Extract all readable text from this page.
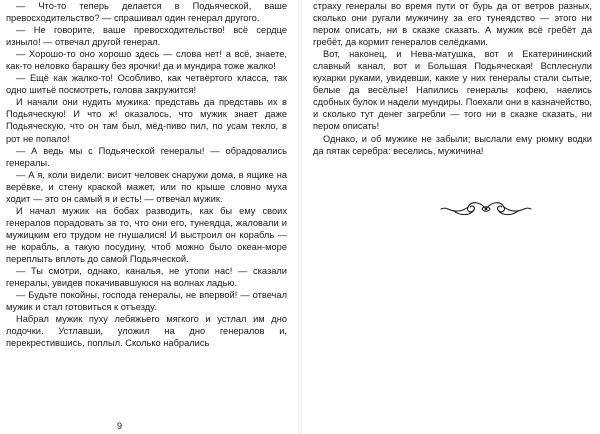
— Что-то теперь делается в Подьяческой, ваше превосходительство? — спрашивал один генерал другого.

— Не говорите, ваше превосходительство! всё сердце изныло! — отвечал другой генерал.

— Хорошо-то оно хорошо здесь — слова нет! а всё, знаете, как-то неловко барашку без ярочки! да и мундира тоже жалко!

— Ещё как жалко-то! Особливо, как четвёртого класса, так одно шитьё посмотреть, голова закружится!

И начали они нудить мужика: представь да представь их в Подьяческую! И что ж! оказалось, что мужик знает даже Подьяческую, что он там был, мёд-пиво пил, по усам текло, в рот не попало!

— А ведь мы с Подьяческой генералы! — обрадовались генералы.

— А я, коли видели: висит человек снаружи дома, в ящике на верёвке, и стену краской мажет, или по крыше словно муха ходит — это он самый я и есть! — отвечал мужик.

И начал мужик на бобах разводить, как бы ему своих генералов порадовать за то, что они его, тунеядца, жаловали и мужицким его трудом не гнушалися! И выстроил он корабль — не корабль, а такую посудину, чтоб можно было океан-море переплыть вплоть до самой Подьяческой.

— Ты смотри, однако, каналья, не утопи нас! — сказали генералы, увидев покачивавшуюся на волнах ладью.

— Будьте покойны, господа генералы, не впервой! — отвечал мужик и стал готовиться к отъезду.

Набрал мужик пуху лебяжьего мягкого и устлал им дно лодочки. Устлавши, уложил на дно генералов и, перекрестившись, поплыл. Сколько набрались

страху генералы во время пути от бурь да от ветров разных, сколько они ругали мужичину за его тунеядство — этого ни пером описать, ни в сказке сказать. А мужик всё гребёт да гребёт, да кормит генералов селёдками.

Вот, наконец, и Нева-матушка, вот и Екатерининский славный канал, вот и Большая Подьяческая! Всплеснули кухарки руками, увидевши, какие у них генералы стали сытые, белые да весёлые! Напились генералы кофею, наелись сдобных булок и надели мундиры. Поехали они в казначейство, и сколько тут денег загребли — того ни в сказке сказать, ни пером описать!

Однако, и об мужике не забыли; выслали ему рюмку водки да пятак серебра: веселись, мужичина!

9
